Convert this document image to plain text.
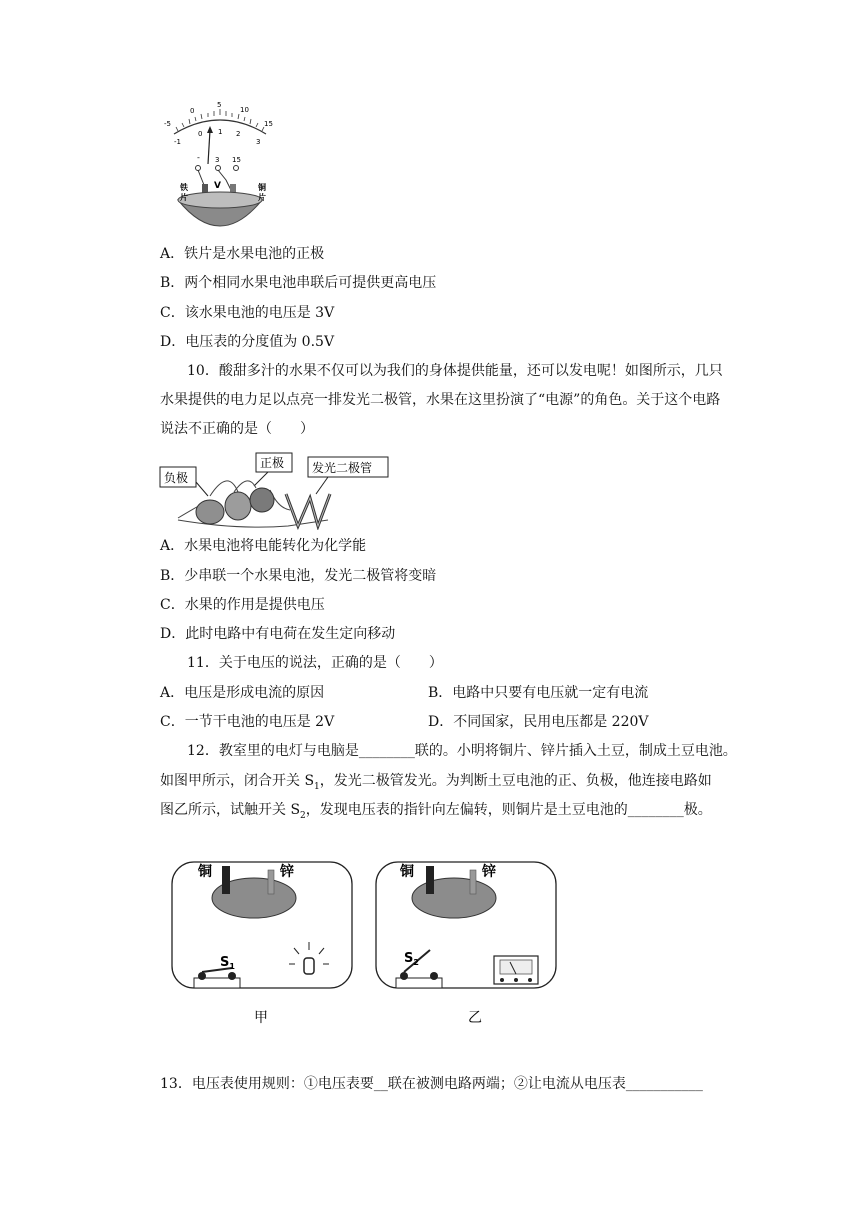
-5
0
5
10
15
-1
0 1 2
3
- 3 15
V
铁
片
铜
片
A．铁片是水果电池的正极
B．两个相同水果电池串联后可提供更高电压
C．该水果电池的电压是 3V
D．电压表的分度值为 0.5V
10．酸甜多汁的水果不仅可以为我们的身体提供能量，还可以发电呢！如图所示，几只
水果提供的电力足以点亮一排发光二极管，水果在这里扮演了“电源”的角色。关于这个电路
说法不正确的是（　　）
负极
正极 发光二极管
A．水果电池将电能转化为化学能
B．少串联一个水果电池，发光二极管将变暗
C．水果的作用是提供电压
D．此时电路中有电荷在发生定向移动
11．关于电压的说法，正确的是（　　）
A．电压是形成电流的原因	B．电路中只要有电压就一定有电流
C．一节干电池的电压是 2V	D．不同国家，民用电压都是 220V
12．教室里的电灯与电脑是________联的。小明将铜片、锌片插入土豆，制成土豆电池。
如图甲所示，闭合开关 $S_1$，发光二极管发光。为判断土豆电池的正、负极，他连接电路如
图乙所示，试触开关 $S_2$，发现电压表的指针向左偏转，则铜片是土豆电池的________极。
铜	锌
$S_1$
甲
铜	锌
$S_2$
乙
13．电压表使用规则：①电压表要__联在被测电路两端；②让电流从电压表___________
